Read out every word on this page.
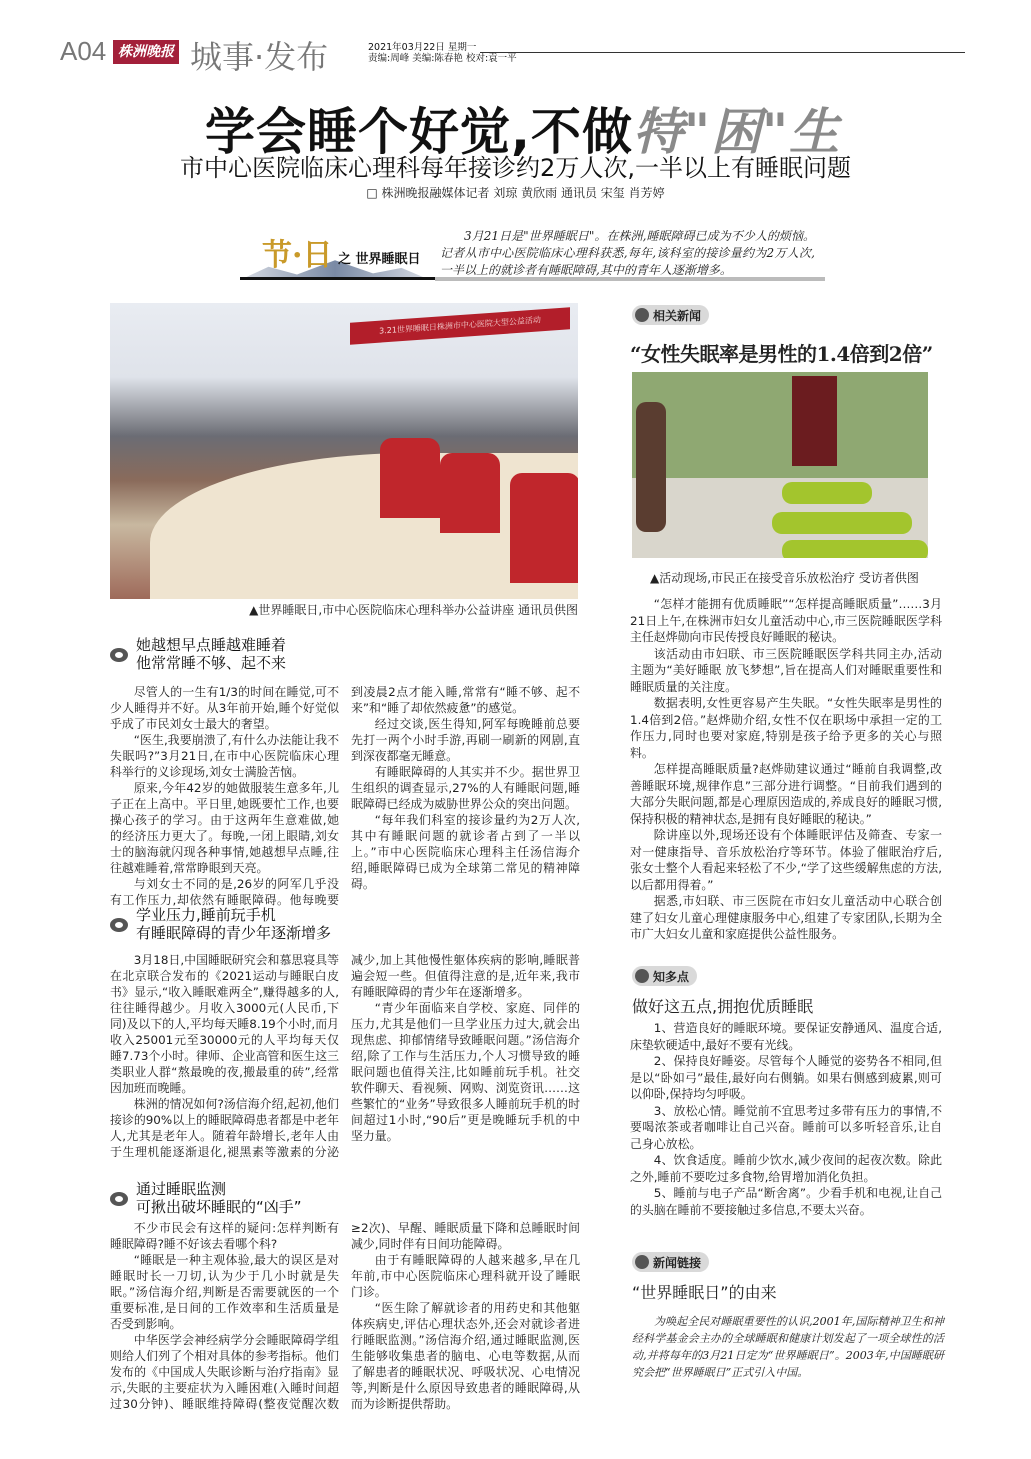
A04 株洲晚报 城事·发布	2021年03月22日 星期一
责编:周峰 美编:陈春艳 校对:袁一平
学会睡个好觉,不做特"困"生
市中心医院临床心理科每年接诊约2万人次,一半以上有睡眠问题
□ 株洲晚报融媒体记者 刘琼 黄欣雨 通讯员 宋玺 肖芳婷
节·日 之 世界睡眠日
3月21日是"世界睡眠日"。在株洲,睡眠障碍已成为不少人的烦恼。记者从市中心医院临床心理科获悉,每年,该科室的接诊量约为2万人次,一半以上的就诊者有睡眠障碍,其中的青年人逐渐增多。
3.21世界睡眠日株洲市中心医院大型公益活动
▲世界睡眠日,市中心医院临床心理科举办公益讲座 通讯员供图
她越想早点睡越难睡着
他常常睡不够、起不来

尽管人的一生有1/3的时间在睡觉,可不少人睡得并不好。从3年前开始,睡个好觉似乎成了市民刘女士最大的奢望。

“医生,我要崩溃了,有什么办法能让我不失眠吗?”3月21日,在市中心医院临床心理科举行的义诊现场,刘女士满脸苦恼。

原来,今年42岁的她做服装生意多年,儿子正在上高中。平日里,她既要忙工作,也要操心孩子的学习。由于这两年生意难做,她的经济压力更大了。每晚,一闭上眼睛,刘女士的脑海就闪现各种事情,她越想早点睡,往往越难睡着,常常睁眼到天亮。

与刘女士不同的是,26岁的阿军几乎没有工作压力,却依然有睡眠障碍。他每晚要到凌晨2点才能入睡,常常有“睡不够、起不来”和“睡了却依然疲惫”的感觉。

经过交谈,医生得知,阿军每晚睡前总要先打一两个小时手游,再刷一刷新的网剧,直到深夜都毫无睡意。

有睡眠障碍的人其实并不少。据世界卫生组织的调查显示,27%的人有睡眠问题,睡眠障碍已经成为威胁世界公众的突出问题。

“每年我们科室的接诊量约为2万人次,其中有睡眠问题的就诊者占到了一半以上。”市中心医院临床心理科主任汤信海介绍,睡眠障碍已成为全球第二常见的精神障碍。

学业压力,睡前玩手机
有睡眠障碍的青少年逐渐增多

3月18日,中国睡眠研究会和慕思寝具等在北京联合发布的《2021运动与睡眠白皮书》显示,“收入睡眠难两全”,赚得越多的人,往往睡得越少。月收入3000元(人民币,下同)及以下的人,平均每天睡8.19个小时,而月收入25001元至30000元的人平均每天仅睡7.73个小时。律师、企业高管和医生这三类职业人群“熬最晚的夜,搬最重的砖”,经常因加班而晚睡。

株洲的情况如何?汤信海介绍,起初,他们接诊的90%以上的睡眠障碍患者都是中老年人,尤其是老年人。随着年龄增长,老年人由于生理机能逐渐退化,褪黑素等激素的分泌减少,加上其他慢性躯体疾病的影响,睡眠普遍会短一些。但值得注意的是,近年来,我市有睡眠障碍的青少年在逐渐增多。

“青少年面临来自学校、家庭、同伴的压力,尤其是他们一旦学业压力过大,就会出现焦虑、抑郁情绪导致睡眠问题。”汤信海介绍,除了工作与生活压力,个人习惯导致的睡眠问题也值得关注,比如睡前玩手机。社交软件聊天、看视频、网购、浏览资讯……这些繁忙的“业务”导致很多人睡前玩手机的时间超过1小时,“90后”更是晚睡玩手机的中坚力量。

通过睡眠监测
可揪出破坏睡眠的“凶手”

不少市民会有这样的疑问:怎样判断有睡眠障碍?睡不好该去看哪个科?

“睡眠是一种主观体验,最大的误区是对睡眠时长一刀切,认为少于几小时就是失眠。”汤信海介绍,判断是否需要就医的一个重要标准,是日间的工作效率和生活质量是否受到影响。

中华医学会神经病学分会睡眠障碍学组则给人们列了个相对具体的参考指标。他们发布的《中国成人失眠诊断与治疗指南》显示,失眠的主要症状为入睡困难(入睡时间超过30分钟)、睡眠维持障碍(整夜觉醒次数≥2次)、早醒、睡眠质量下降和总睡眠时间减少,同时伴有日间功能障碍。

由于有睡眠障碍的人越来越多,早在几年前,市中心医院临床心理科就开设了睡眠门诊。

“医生除了解就诊者的用药史和其他躯体疾病史,评估心理状态外,还会对就诊者进行睡眠监测。”汤信海介绍,通过睡眠监测,医生能够收集患者的脑电、心电等数据,从而了解患者的睡眠状况、呼吸状况、心电情况等,判断是什么原因导致患者的睡眠障碍,从而为诊断提供帮助。

相关新闻
“女性失眠率是男性的1.4倍到2倍”
▲活动现场,市民正在接受音乐放松治疗 受访者供图

“怎样才能拥有优质睡眠”“怎样提高睡眠质量”……3月21日上午,在株洲市妇女儿童活动中心,市三医院睡眠医学科主任赵烨勋向市民传授良好睡眠的秘诀。

该活动由市妇联、市三医院睡眠医学科共同主办,活动主题为“美好睡眠 放飞梦想”,旨在提高人们对睡眠重要性和睡眠质量的关注度。

数据表明,女性更容易产生失眠。“女性失眠率是男性的1.4倍到2倍。”赵烨勋介绍,女性不仅在职场中承担一定的工作压力,同时也要对家庭,特别是孩子给予更多的关心与照料。

怎样提高睡眠质量?赵烨勋建议通过“睡前自我调整,改善睡眠环境,规律作息”三部分进行调整。“目前我们遇到的大部分失眠问题,都是心理原因造成的,养成良好的睡眠习惯,保持积极的精神状态,是拥有良好睡眠的秘诀。”

除讲座以外,现场还设有个体睡眠评估及筛查、专家一对一健康指导、音乐放松治疗等环节。体验了催眠治疗后,张女士整个人看起来轻松了不少,“学了这些缓解焦虑的方法,以后都用得着。”

据悉,市妇联、市三医院在市妇女儿童活动中心联合创建了妇女儿童心理健康服务中心,组建了专家团队,长期为全市广大妇女儿童和家庭提供公益性服务。

知多点
做好这五点,拥抱优质睡眠

1、营造良好的睡眠环境。要保证安静通风、温度合适,床垫软硬适中,最好不要有光线。

2、保持良好睡姿。尽管每个人睡觉的姿势各不相同,但是以“卧如弓”最佳,最好向右侧躺。如果右侧感到疲累,则可以仰卧,保持均匀呼吸。

3、放松心情。睡觉前不宜思考过多带有压力的事情,不要喝浓茶或者咖啡让自己兴奋。睡前可以多听轻音乐,让自己身心放松。

4、饮食适度。睡前少饮水,减少夜间的起夜次数。除此之外,睡前不要吃过多食物,给胃增加消化负担。

5、睡前与电子产品“断舍离”。少看手机和电视,让自己的头脑在睡前不要接触过多信息,不要太兴奋。

新闻链接
“世界睡眠日”的由来

为唤起全民对睡眠重要性的认识,2001年,国际精神卫生和神经科学基金会主办的全球睡眠和健康计划发起了一项全球性的活动,并将每年的3月21日定为“世界睡眠日”。2003年,中国睡眠研究会把“世界睡眠日”正式引入中国。
